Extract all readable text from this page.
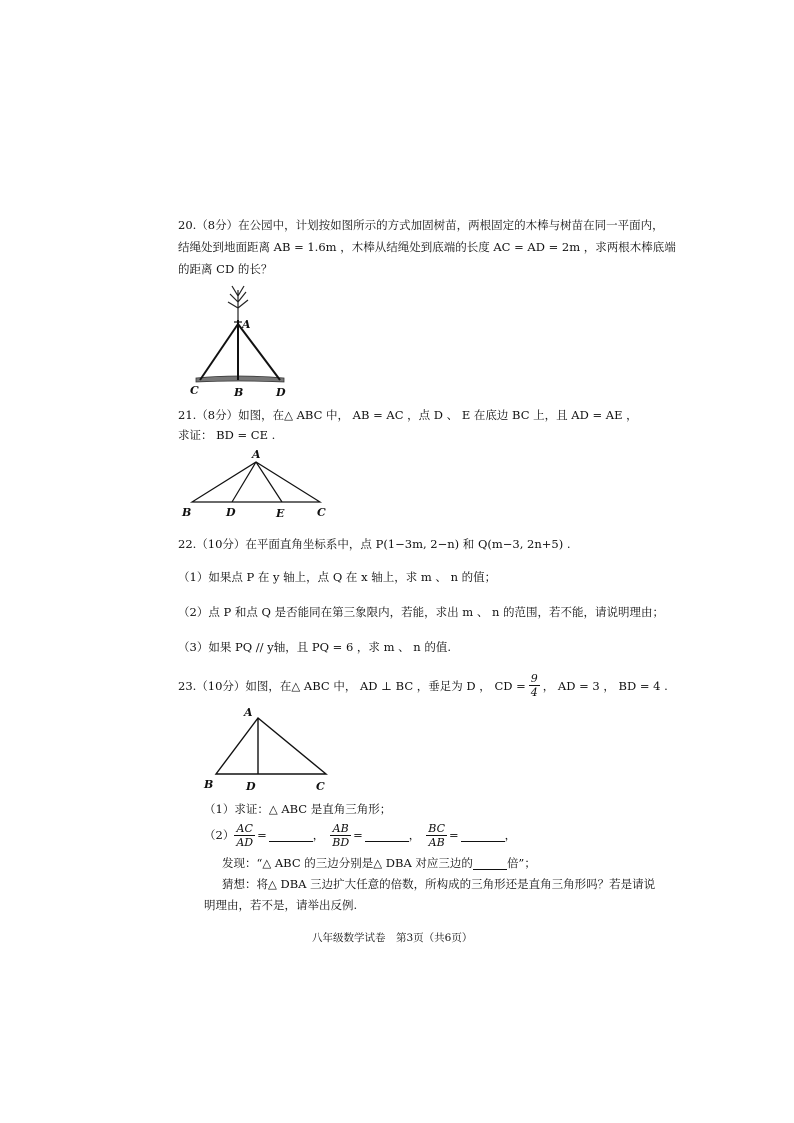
20.（8分）在公园中，计划按如图所示的方式加固树苗，两根固定的木棒与树苗在同一平面内，
结绳处到地面距离 AB = 1.6m ，木棒从结绳处到底端的长度 AC = AD = 2m ，求两根木棒底端
的距离 CD 的长？
A
C	B	D
21.（8分）如图，在△ ABC 中， AB = AC ，点 D 、 E 在底边 BC 上，且 AD = AE ，
求证： BD = CE .
A
B	D	E	C
22.（10分）在平面直角坐标系中，点 P(1−3m, 2−n) 和 Q(m−3, 2n+5) .
（1）如果点 P 在 y 轴上，点 Q 在 x 轴上，求 m 、 n 的值；
（2）点 P 和点 Q 是否能同在第三象限内，若能，求出 m 、 n 的范围，若不能，请说明理由；
（3）如果 PQ // y轴，且 PQ = 6 ，求 m 、 n 的值.
23.（10分）如图，在△ ABC 中， AD ⊥ BC ，垂足为 D ， CD = $\frac{9}{4}$ ， AD = 3 ， BD = 4 .
A
B	D	C
（1）求证：△ ABC 是直角三角形；
$(2) \frac{AC}{AD}$ =	， $\frac{AB}{BD}$ =	， $\frac{BC}{AB}$ =	，
发现：“△ ABC 的三边分别是△ DBA 对应三边的	倍”；
猜想：将△ DBA 三边扩大任意的倍数，所构成的三角形还是直角三角形吗？若是请说
明理由，若不是，请举出反例.
八年级数学试卷　第3页（共6页）
